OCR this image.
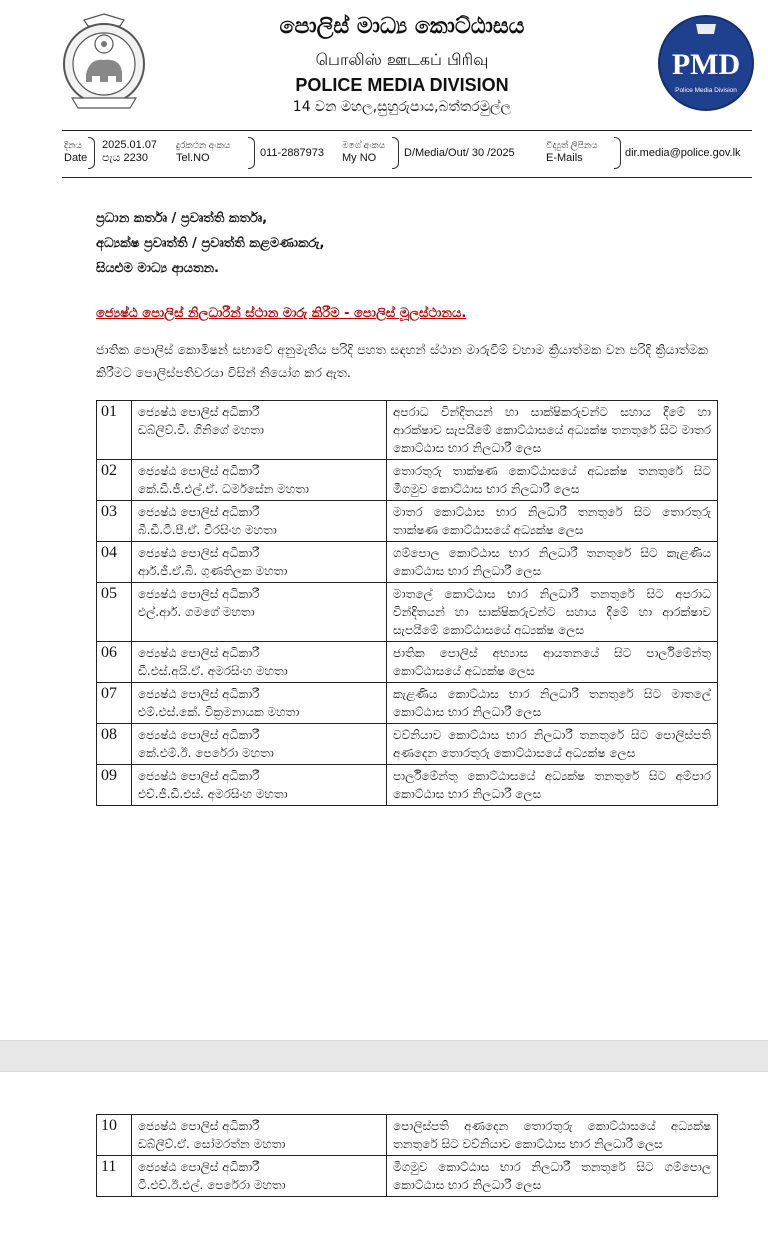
පොලිස් මාධ්‍ය කොට්ඨාසය
பொலிஸ் ஊடகப் பிரிவு
POLICE MEDIA DIVISION
14 වන මහල,සුහුරුපාය,බත්තරමුල්ල
PMD
Police Media Division
දිනය
Date
2025.01.07
පැය 2230
දුරකථන අංකය
Tel.NO	011-2887973
මගේ අංකය
My NO	D/Media/Out/ 30 /2025
විද්‍යුත් ලිපිනය
E-Mails	dir.media@police.gov.lk
ප්‍රධාන කර්තෘ / ප්‍රවෘත්ති කර්තෘ,
අධ්‍යක්ෂ ප්‍රවෘත්ති / ප්‍රවෘත්ති කළමණාකරු,
සියළුම මාධ්‍ය ආයතන.
ජ්‍යෙෂ්ඨ පොලිස් නිලධාරීන් ස්ථාන මාරු කිරීම - පොලිස් මූලස්ථානය.
ජාතික පොලිස් කොමිෂන් සභාවේ අනුමැතිය පරිදි පහත සඳහන් ස්ථාන මාරුවීම් වහාම ක්‍රියාත්මක වන පරිදි ක්‍රියාත්මක කිරීමට පොලිස්පතිවරයා විසින් නියෝග කර ඇත.
01	ජ්‍යෙෂ්ඨ පොලිස් අධිකාරී
ඩබ්ලිව්.වී. ගිනිගේ මහතා	අපරාධ වින්දිතයන් හා සාක්ෂිකරුවන්ට සහාය දීමේ හා ආරක්ෂාව සැපයීමේ කොට්ඨාසයේ අධ්‍යක්ෂ තනතුරේ සිට මාතර කොට්ඨාස භාර නිලධාරී ලෙස
02	ජ්‍යෙෂ්ඨ පොලිස් අධිකාරී
කේ.ඩී.ජී.එල්.ඒ. ධර්මසේන මහතා	තොරතුරු තාක්ෂණ කොට්ඨාසයේ අධ්‍යක්ෂ තනතුරේ සිට මීගමුව කොට්ඨාස භාර නිලධාරී ලෙස
03	ජ්‍යෙෂ්ඨ පොලිස් අධිකාරී
බී.ඩී.ටී.පී.ඒ. වීරසිංහ මහතා	මාතර කොට්ඨාස භාර නිලධාරී තනතුරේ සිට තොරතුරු තාක්ෂණ කොට්ඨාසයේ අධ්‍යක්ෂ ලෙස
04	ජ්‍යෙෂ්ඨ පොලිස් අධිකාරී
ආර්.ජී.ඒ.බී. ගුණතිලක මහතා	ගම්පොල කොට්ඨාස භාර නිලධාරී තනතුරේ සිට කැළණිය කොට්ඨාස භාර නිලධාරී ලෙස
05	ජ්‍යෙෂ්ඨ පොලිස් අධිකාරී
එල්.ආර්. ගමගේ මහතා	මාතලේ කොට්ඨාස භාර නිලධාරී තනතුරේ සිට අපරාධ වින්දිතයන් හා සාක්ෂිකරුවන්ට සහාය දීමේ හා ආරක්ෂාව සැපයීමේ කොට්ඨාසයේ අධ්‍යක්ෂ ලෙස
06	ජ්‍යෙෂ්ඨ පොලිස් අධිකාරී
ඩී.එස්.අයි.ඒ. අමරසිංහ මහතා	ජාතික පොලිස් අභ්‍යාස ආයතනයේ සිට පාර්ලිමේන්තු කොට්ඨාසයේ අධ්‍යක්ෂ ලෙස
07	ජ්‍යෙෂ්ඨ පොලිස් අධිකාරී
එම්.එස්.කේ. වික්‍රමනායක මහතා	කැළණිය කොට්ඨාස භාර නිලධාරී තනතුරේ සිට මාතලේ කොට්ඨාස භාර නිලධාරී ලෙස
08	ජ්‍යෙෂ්ඨ පොලිස් අධිකාරී
කේ.එම්.ඊ. පෙරේරා මහතා	වව්නියාව කොට්ඨාස භාර නිලධාරී තනතුරේ සිට පොලිස්පති අණදෙන තොරතුරු කොට්ඨාසයේ අධ්‍යක්ෂ ලෙස
09	ජ්‍යෙෂ්ඨ පොලිස් අධිකාරී
එච්.ජී.ඩී.එස්. අමරසිංහ මහතා	පාර්ලිමේන්තු කොට්ඨාසයේ අධ්‍යක්ෂ තනතුරේ සිට අම්පාර කොට්ඨාස භාර නිලධාරී ලෙස
10	ජ්‍යෙෂ්ඨ පොලිස් අධිකාරී
ඩබ්ලිව්.ඒ. සෝමරත්න මහතා	පොලිස්පති අණදෙන තොරතුරු කොට්ඨාසයේ අධ්‍යක්ෂ තනතුරේ සිට වව්නියාව කොට්ඨාස භාර නිලධාරී ලෙස
11	ජ්‍යෙෂ්ඨ පොලිස් අධිකාරී
ටී.එච්.ඊ.එල්. පෙරේරා මහතා	මීගමුව කොට්ඨාස භාර නිලධාරී තනතුරේ සිට ගම්පොල කොට්ඨාස භාර නිලධාරී ලෙස
